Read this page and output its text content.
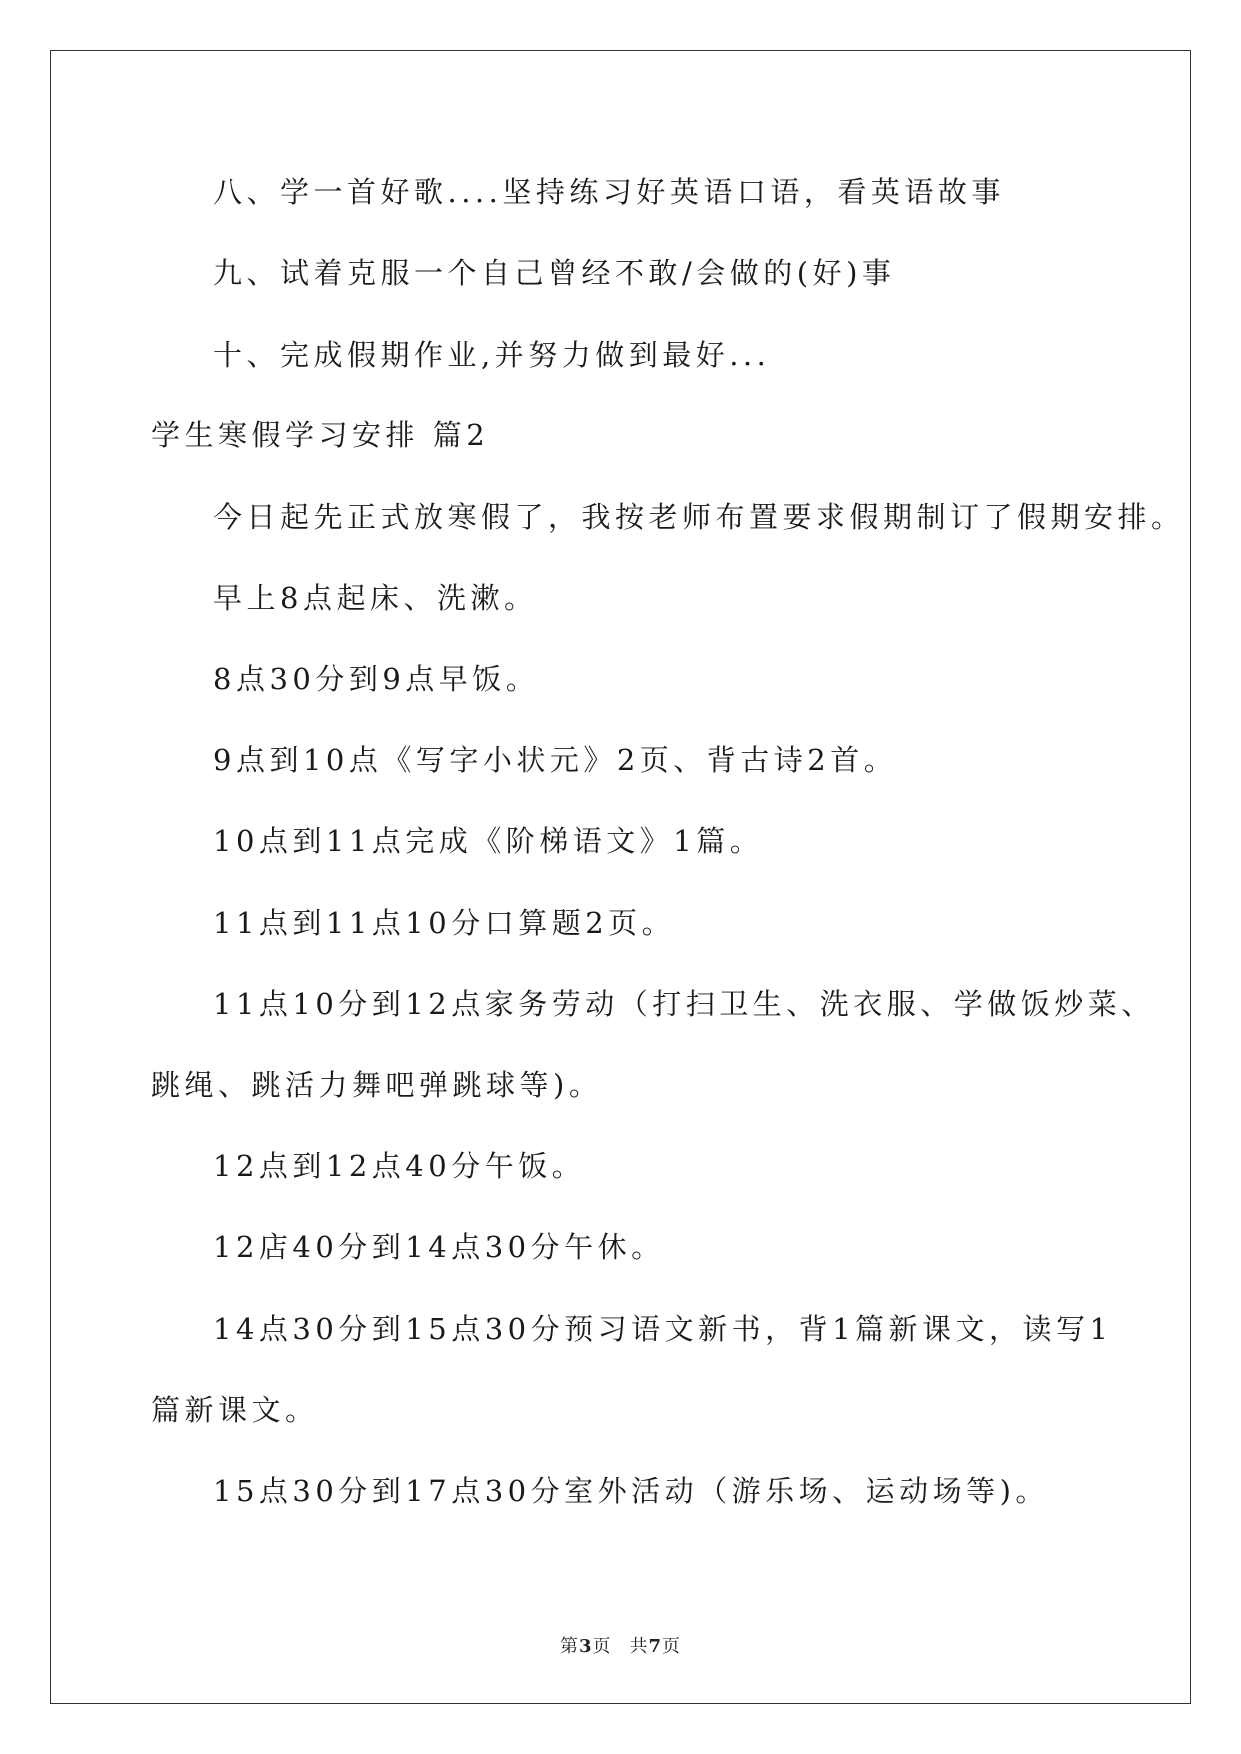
八、学一首好歌....坚持练习好英语口语，看英语故事
九、试着克服一个自己曾经不敢/会做的(好)事
十、完成假期作业,并努力做到最好...
学生寒假学习安排 篇2
今日起先正式放寒假了，我按老师布置要求假期制订了假期安排。
早上8点起床、洗漱。
8点30分到9点早饭。
9点到10点《写字小状元》2页、背古诗2首。
10点到11点完成《阶梯语文》1篇。
11点到11点10分口算题2页。
11点10分到12点家务劳动（打扫卫生、洗衣服、学做饭炒菜、
跳绳、跳活力舞吧弹跳球等)。
12点到12点40分午饭。
12店40分到14点30分午休。
14点30分到15点30分预习语文新书，背1篇新课文，读写1
篇新课文。
15点30分到17点30分室外活动（游乐场、运动场等)。
第3页 共7页
